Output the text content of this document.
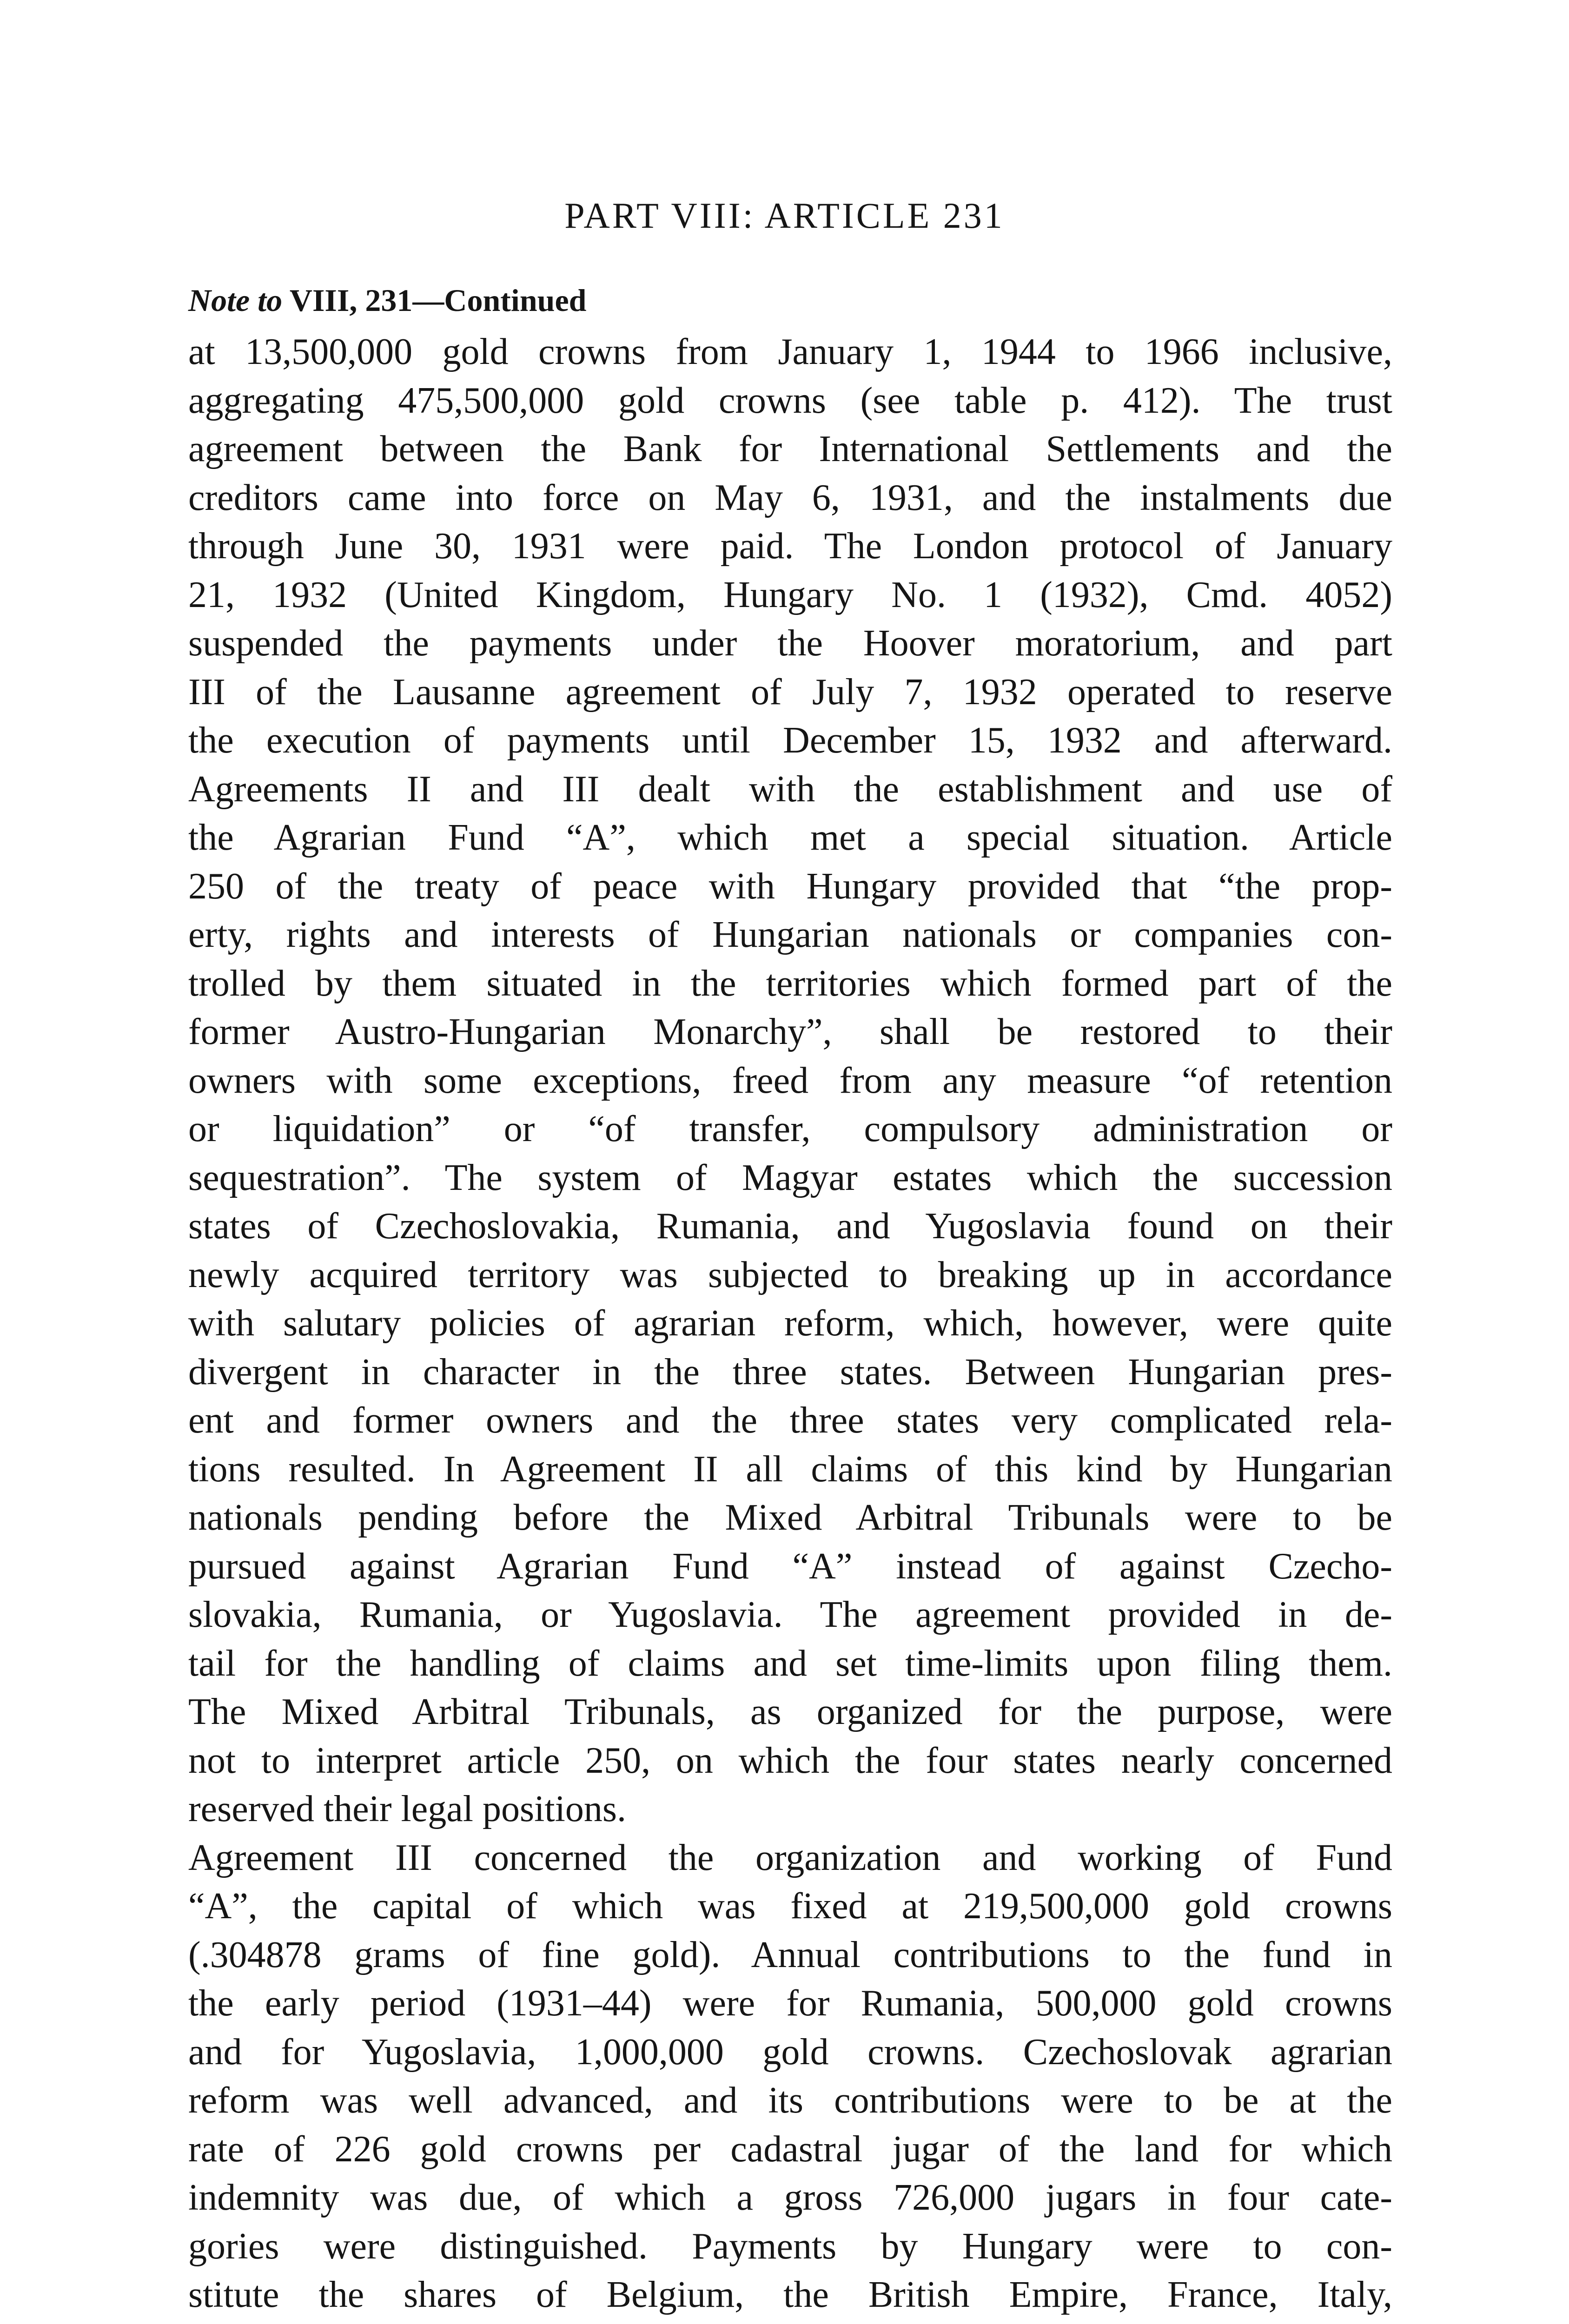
PART VIII: ARTICLE 231
Note to VIII, 231—Continued

at 13,500,000 gold crowns from January 1, 1944 to 1966 inclusive,

aggregating 475,500,000 gold crowns (see table p. 412). The trust

agreement between the Bank for International Settlements and the

creditors came into force on May 6, 1931, and the instalments due

through June 30, 1931 were paid. The London protocol of January

21, 1932 (United Kingdom, Hungary No. 1 (1932), Cmd. 4052)

suspended the payments under the Hoover moratorium, and part

III of the Lausanne agreement of July 7, 1932 operated to reserve

the execution of payments until December 15, 1932 and afterward.

Agreements II and III dealt with the establishment and use of

the Agrarian Fund “A”, which met a special situation. Article

250 of the treaty of peace with Hungary provided that “the prop-

erty, rights and interests of Hungarian nationals or companies con-

trolled by them situated in the territories which formed part of the

former Austro-Hungarian Monarchy”, shall be restored to their

owners with some exceptions, freed from any measure “of retention

or liquidation” or “of transfer, compulsory administration or

sequestration”. The system of Magyar estates which the succession

states of Czechoslovakia, Rumania, and Yugoslavia found on their

newly acquired territory was subjected to breaking up in accordance

with salutary policies of agrarian reform, which, however, were quite

divergent in character in the three states. Between Hungarian pres-

ent and former owners and the three states very complicated rela-

tions resulted. In Agreement II all claims of this kind by Hungarian

nationals pending before the Mixed Arbitral Tribunals were to be

pursued against Agrarian Fund “A” instead of against Czecho-

slovakia, Rumania, or Yugoslavia. The agreement provided in de-

tail for the handling of claims and set time-limits upon filing them.

The Mixed Arbitral Tribunals, as organized for the purpose, were

not to interpret article 250, on which the four states nearly concerned

reserved their legal positions.

Agreement III concerned the organization and working of Fund

“A”, the capital of which was fixed at 219,500,000 gold crowns

(.304878 grams of fine gold). Annual contributions to the fund in

the early period (1931–44) were for Rumania, 500,000 gold crowns

and for Yugoslavia, 1,000,000 gold crowns. Czechoslovak agrarian

reform was well advanced, and its contributions were to be at the

rate of 226 gold crowns per cadastral jugar of the land for which

indemnity was due, of which a gross 726,000 jugars in four cate-

gories were distinguished. Payments by Hungary were to con-

stitute the shares of Belgium, the British Empire, France, Italy,
